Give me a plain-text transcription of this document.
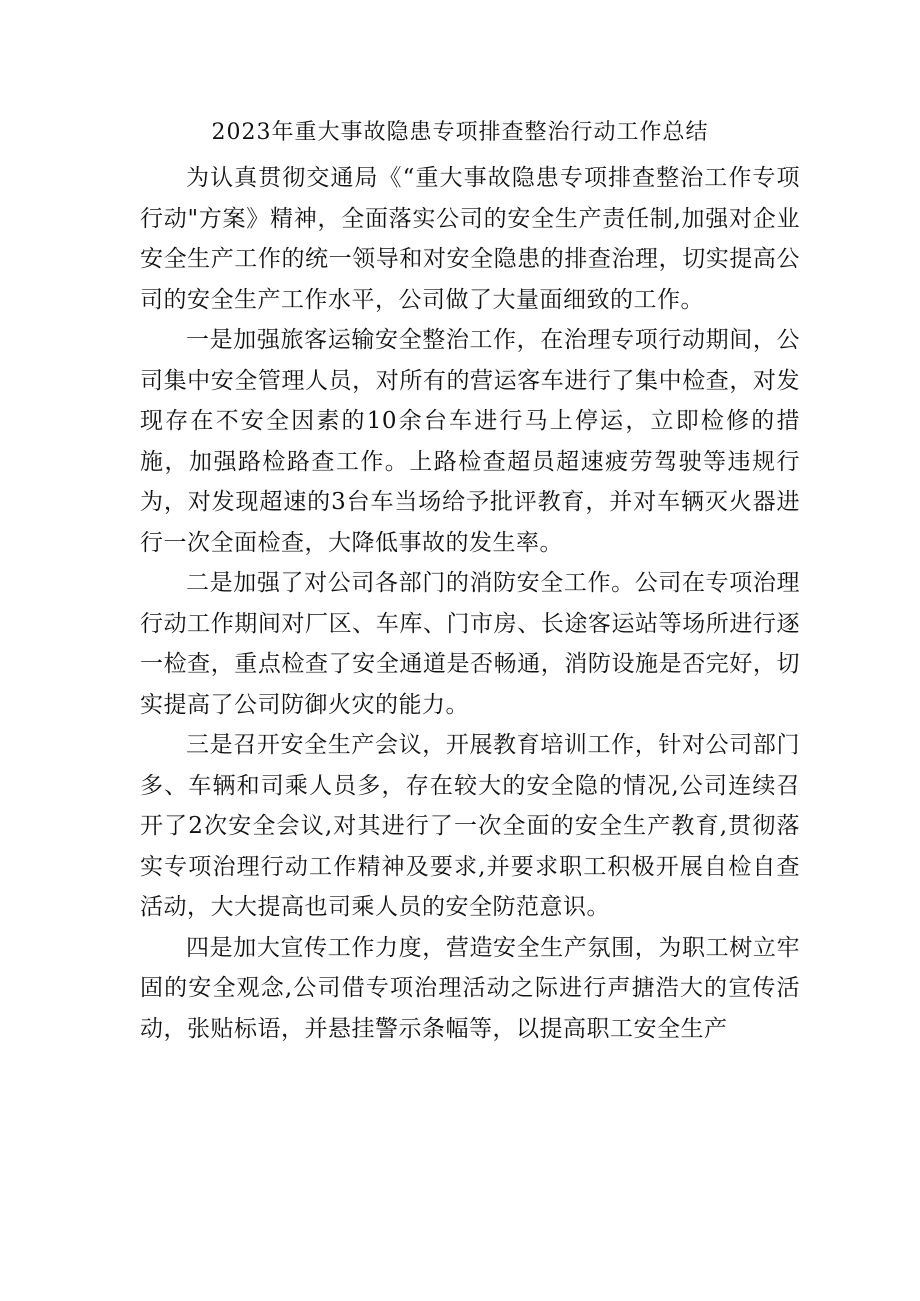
2023年重大事故隐患专项排查整治行动工作总结

为认真贯彻交通局《“重大事故隐患专项排查整治工作专项行动"方案》精神，全面落实公司的安全生产责任制,加强对企业安全生产工作的统一领导和对安全隐患的排查治理，切实提高公司的安全生产工作水平，公司做了大量面细致的工作。

一是加强旅客运输安全整治工作，在治理专项行动期间，公司集中安全管理人员，对所有的营运客车进行了集中检查，对发现存在不安全因素的10余台车进行马上停运，立即检修的措施，加强路检路查工作。上路检查超员超速疲劳驾驶等违规行为，对发现超速的3台车当场给予批评教育，并对车辆灭火器进行一次全面检查，大降低事故的发生率。

二是加强了对公司各部门的消防安全工作。公司在专项治理行动工作期间对厂区、车库、门市房、长途客运站等场所进行逐一检查，重点检查了安全通道是否畅通，消防设施是否完好，切实提高了公司防御火灾的能力。

三是召开安全生产会议，开展教育培训工作，针对公司部门多、车辆和司乘人员多，存在较大的安全隐的情况,公司连续召开了2次安全会议,对其进行了一次全面的安全生产教育,贯彻落实专项治理行动工作精神及要求,并要求职工积极开展自检自查活动，大大提高也司乘人员的安全防范意识。

四是加大宣传工作力度，营造安全生产氛围，为职工树立牢固的安全观念,公司借专项治理活动之际进行声搪浩大的宣传活动，张贴标语，并悬挂警示条幅等，以提高职工安全生产
